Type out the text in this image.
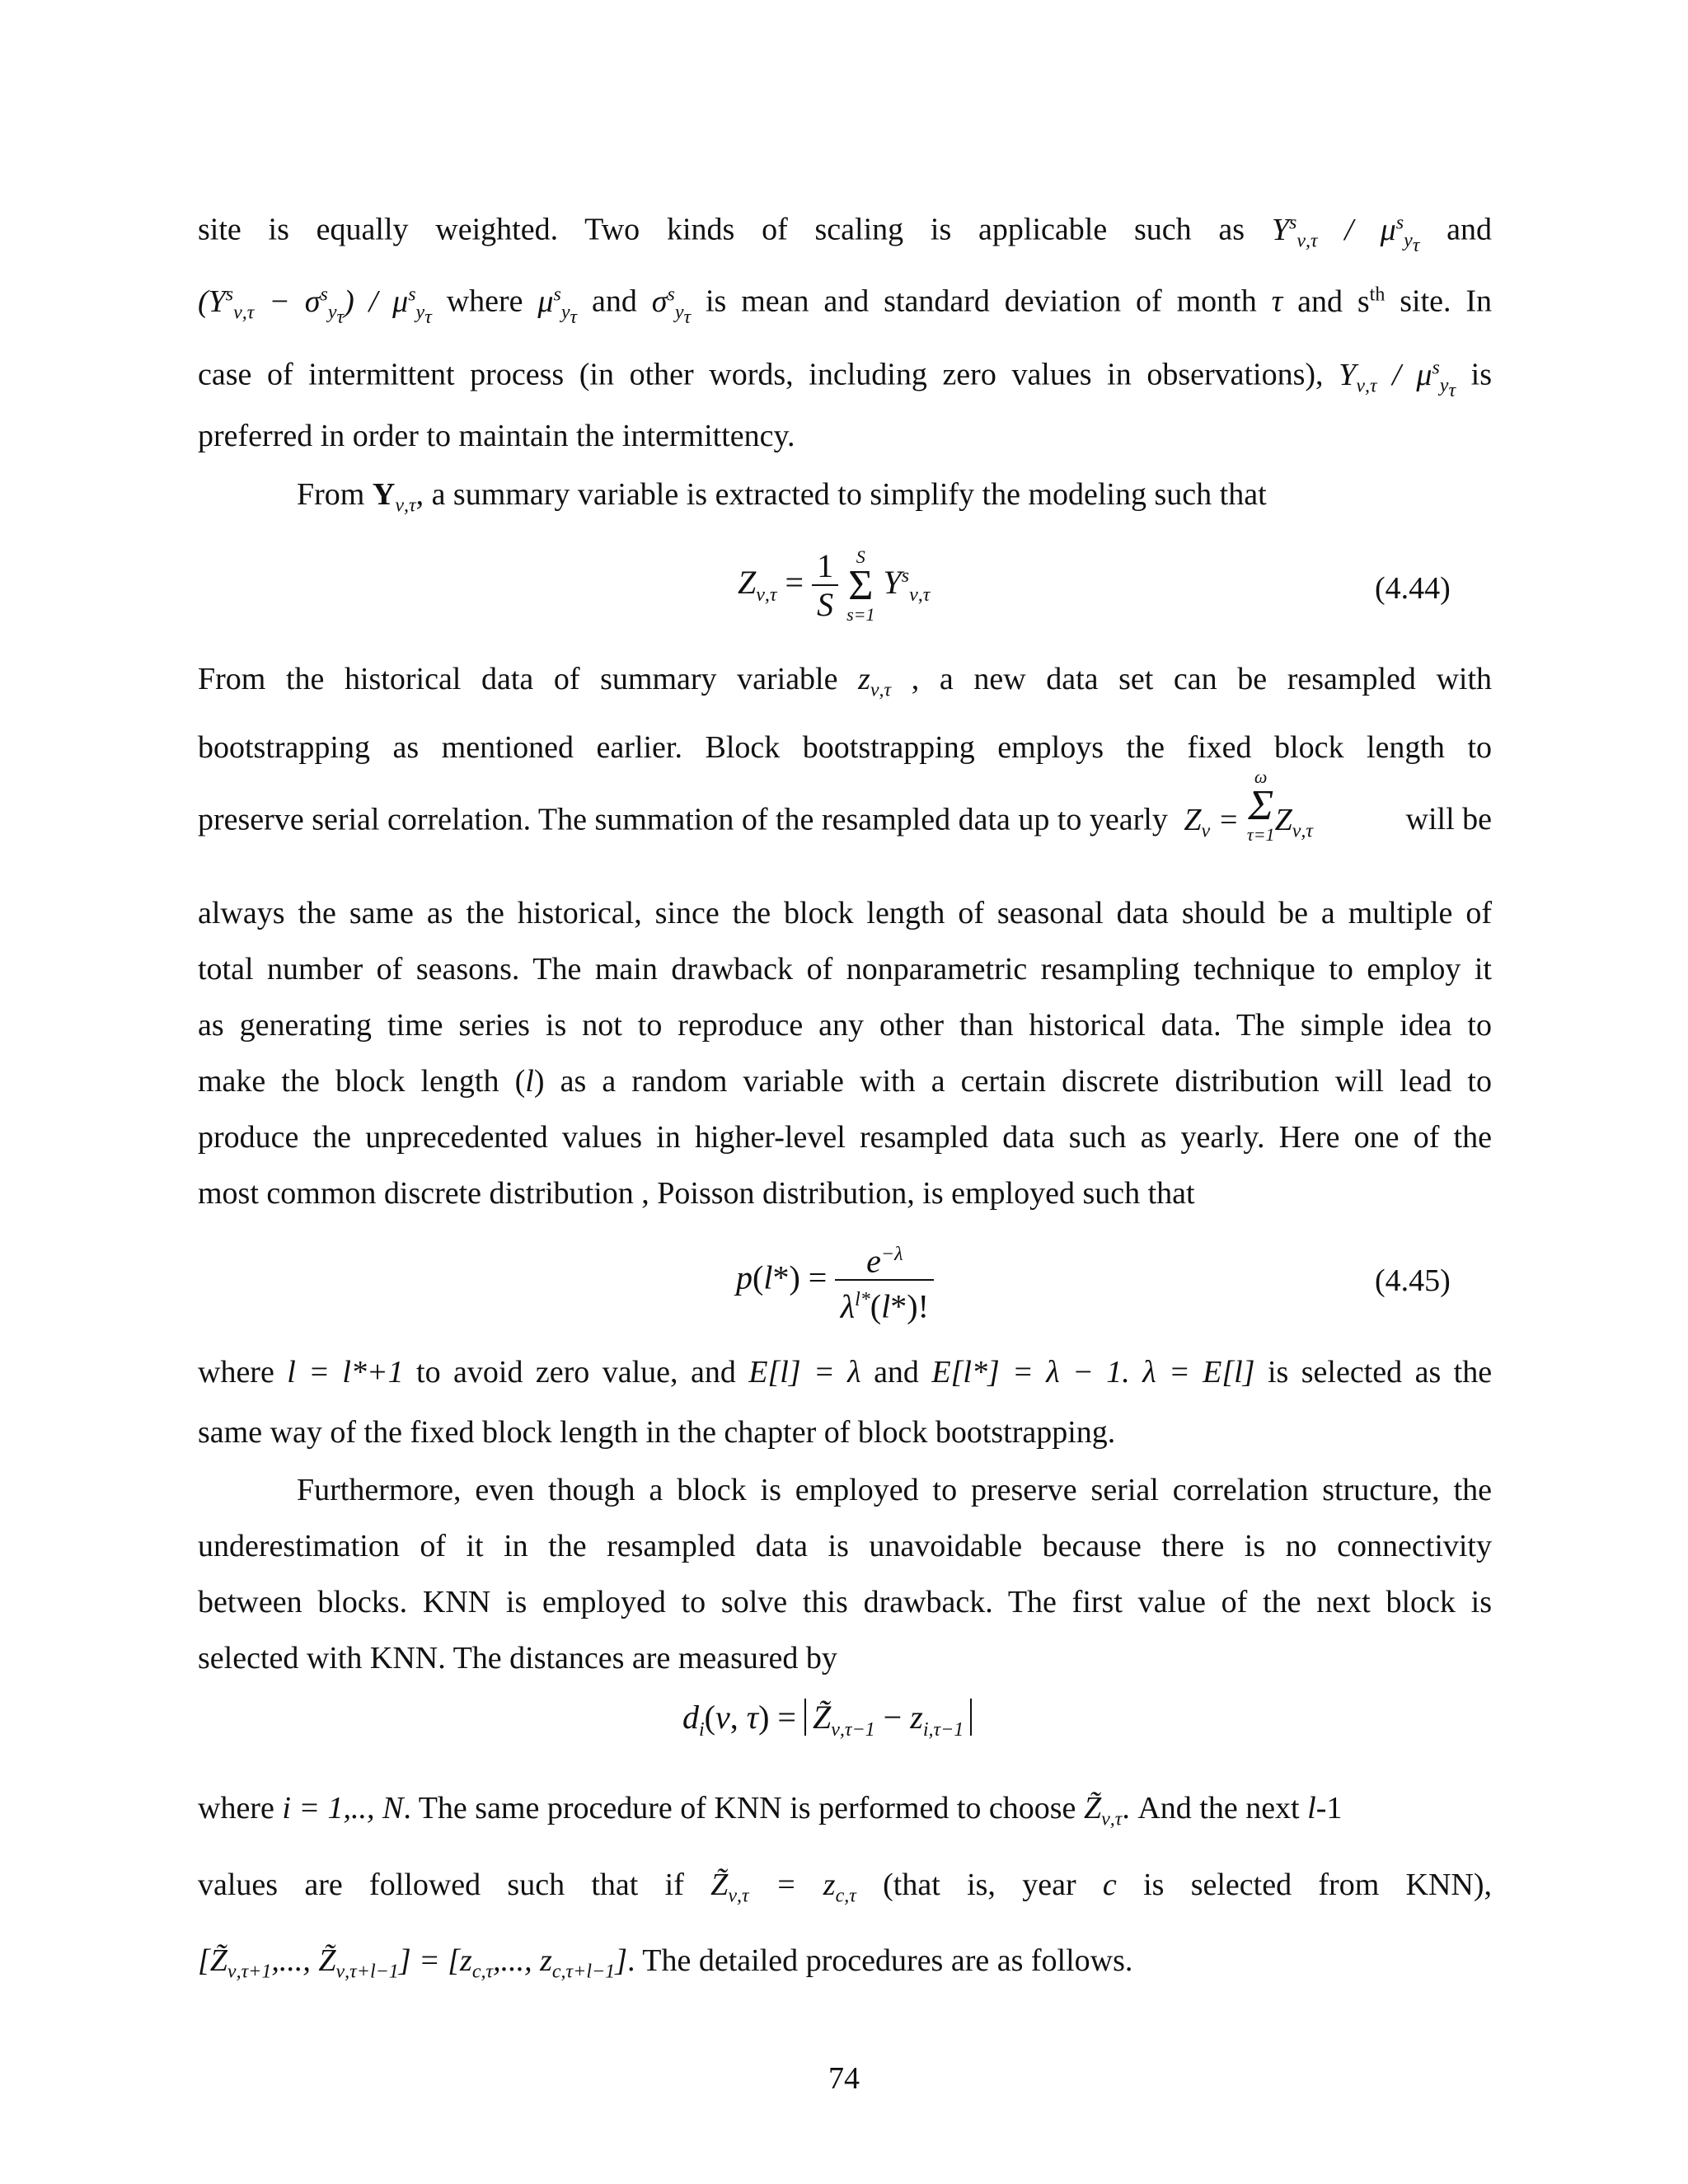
site is equally weighted. Two kinds of scaling is applicable such as $Y^s_{\nu,\tau} / \mu^s_{y_\tau}$ and
$(Y^s_{\nu,\tau} - \sigma^s_{y_\tau}) / \mu^s_{y_\tau}$ where $\mu^s_{y_\tau}$ and $\sigma^s_{y_\tau}$ is mean and standard deviation of month τ and $s^{th}$ site. In
case of intermittent process (in other words, including zero values in observations), $Y_{\nu,\tau} / \mu^s_{y_\tau}$ is
preferred in order to maintain the intermittency.
From $Y_{\nu,\tau}$, a summary variable is extracted to simplify the modeling such that
$Z_{\nu,\tau} = \frac{1}{S}$
S
Σ
s=1
$Y^s_{\nu,\tau}$	(4.44)
From the historical data of summary variable $z_{\nu,\tau}$ , a new data set can be resampled with
bootstrapping as mentioned earlier. Block bootstrapping employs the fixed block length to
preserve serial correlation. The summation of the resampled data up to yearly $Z_\nu$ =
ω
Σ
τ=1 $Z_{\nu,\tau}$	will be
always the same as the historical, since the block length of seasonal data should be a multiple of
total number of seasons. The main drawback of nonparametric resampling technique to employ it
as generating time series is not to reproduce any other than historical data. The simple idea to
make the block length (l) as a random variable with a certain discrete distribution will lead to
produce the unprecedented values in higher-level resampled data such as yearly. Here one of the
most common discrete distribution , Poisson distribution, is employed such that
$p(l*) = \frac{e^{-\lambda}}{\lambda^{l*}(l*)!}$	(4.45)
where l = l*+1 to avoid zero value, and E[l] = λ and E[l*] = λ − 1. λ = E[l] is selected as the
same way of the fixed block length in the chapter of block bootstrapping.
Furthermore, even though a block is employed to preserve serial correlation structure, the
underestimation of it in the resampled data is unavoidable because there is no connectivity
between blocks. KNN is employed to solve this drawback. The first value of the next block is
selected with KNN. The distances are measured by
$d_i(\nu$, $\tau) = Z̃_{\nu,\tau-1} - z_{i,\tau-1}$
where i = 1,.., N. The same procedure of KNN is performed to choose $Z̃_{\nu,\tau}$. And the next l-1
values are followed such that if $Z̃_{\nu,\tau} = z_{c,\tau}$ (that is, year c is selected from KNN),
[$Z̃_{\nu,\tau+1}$,..., $Z̃_{\nu,\tau+l-1}] = [z_{c,\tau}$,..., $z_{c,\tau+l-1}$]. The detailed procedures are as follows.
74
